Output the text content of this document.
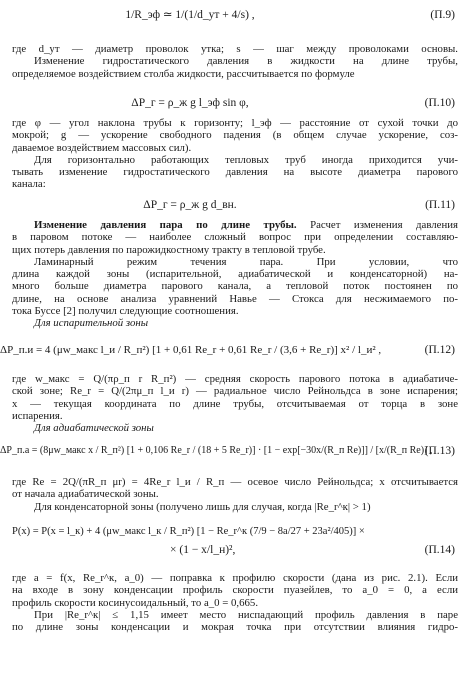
1/R_эф ≃ 1/(1/d_ут + 4/s) ,	(П.9)
где d_ут — диаметр проволок утка; s — шаг между проволоками основы.
Изменение гидростатического давления в жидкости на длине трубы,
определяемое воздействием столба жидкости, рассчитывается по формуле
ΔP_г = ρ_ж g l_эф sin φ,	(П.10)
где φ — угол наклона трубы к горизонту; l_эф — расстояние от сухой точки до
мокрой; g — ускорение свободного падения (в общем случае ускорение, соз-
даваемое воздействием массовых сил).
Для горизонтально работающих тепловых труб иногда приходится учи-
тывать изменение гидростатического давления на высоте диаметра парового
канала:
ΔP_г = ρ_ж g d_вн.	(П.11)
Изменение давления пара по длине трубы. Расчет изменения давления
в паровом потоке — наиболее сложный вопрос при определении составляю-
щих потерь давления по парожидкостному тракту в тепловой трубе.
Ламинарный режим течения пара. При условии, что
длина каждой зоны (испарительной, адиабатической и конденсаторной) на-
много больше диаметра парового канала, а тепловой поток постоянен по
длине, на основе анализа уравнений Навье — Стокса для несжимаемого по-
тока Буссе [2] получил следующие соотношения.
Для испарительной зоны
ΔP_п.и = 4 (μw_макс l_и / R_п²) [1 + 0,61 Re_r + 0,61 Re_r / (3,6 + Re_r)] x² / l_и² ,	(П.12)
где w_макс = Q/(πρ_п r R_п²) — средняя скорость парового потока в адиабатиче-
ской зоне; Re_r = Q/(2πμ_п l_и r) — радиальное число Рейнольдса в зоне испарения;
x — текущая координата по длине трубы, отсчитываемая от торца в зоне
испарения.
Для адиабатической зоны
ΔP_п.а = (8μw_макс x / R_п²) [1 + 0,106 Re_r / (18 + 5 Re_r)] · [1 − exp[−30x/(R_п Re)]] / [x/(R_п Re)] ,
(П.13)
где Re = 2Q/(πR_п μr) = 4Re_r l_и / R_п — осевое число Рейнольдса; x отсчитывается
от начала адиабатической зоны.
Для конденсаторной зоны (получено лишь для случая, когда |Re_r^к| > 1)
P(x) = P(x = l_к) + 4 (μw_макс l_к / R_п²) [1 − Re_r^к (7/9 − 8a/27 + 23a²/405)] ×
× (1 − x/l_н)²,	(П.14)
где a = f(x, Re_r^к, a_0) — поправка к профилю скорости (дана из рис. 2.1). Если
на входе в зону конденсации профиль скорости пуазейлев, то a_0 = 0, а если
профиль скорости косинусоидальный, то a_0 = 0,665.
При |Re_r^к| ≤ 1,15 имеет место ниспадающий профиль давления в паре
по длине зоны конденсации и мокрая точка при отсутствии влияния гидро-
